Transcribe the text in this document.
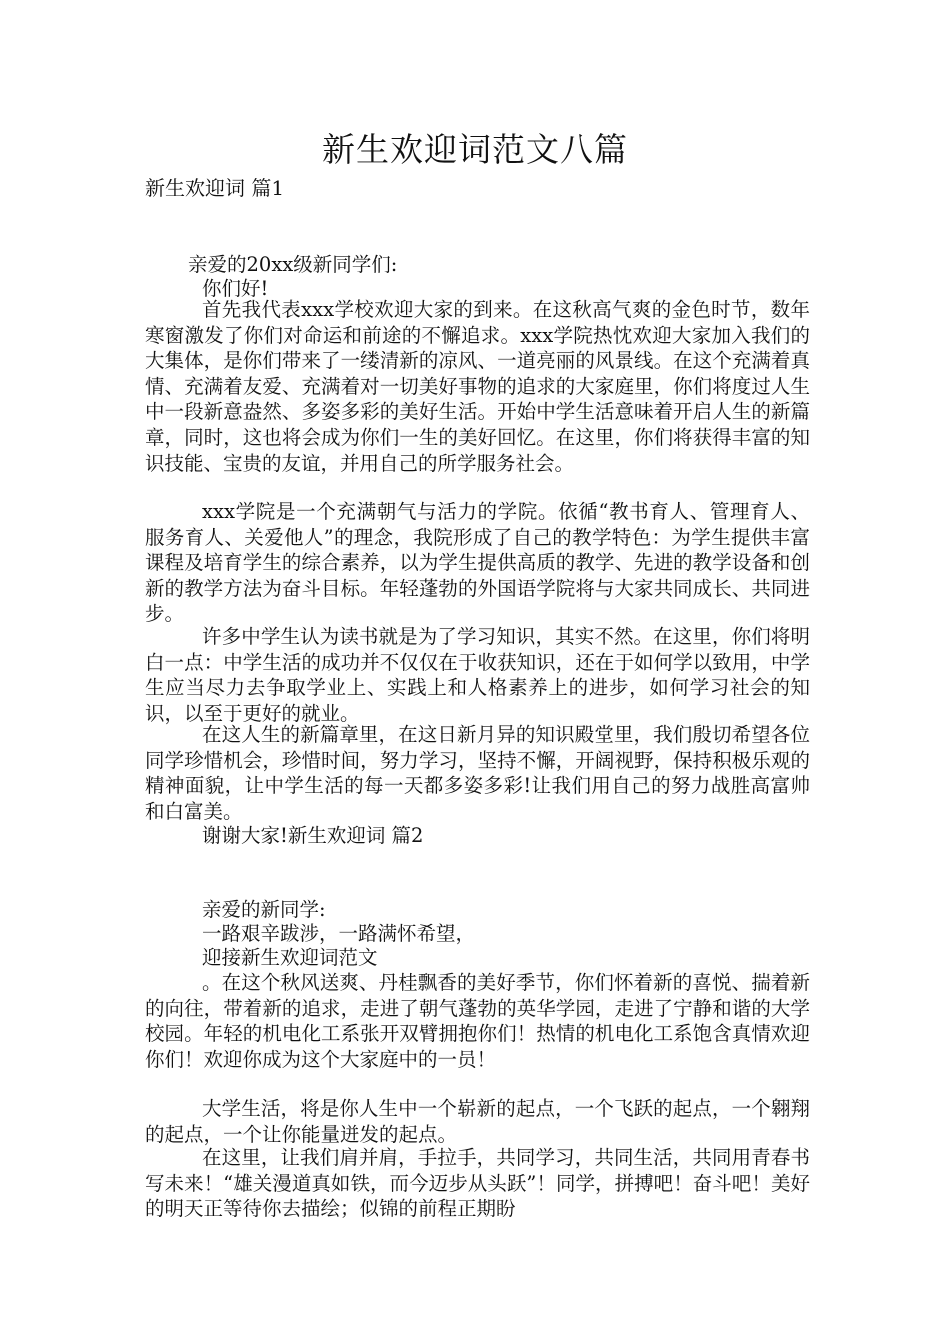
新生欢迎词范文八篇

新生欢迎词 篇1

亲爱的20xx级新同学们:

你们好!

首先我代表xxx学校欢迎大家的到来。在这秋高气爽的金色时节，数年寒窗激发了你们对命运和前途的不懈追求。xxx学院热忱欢迎大家加入我们的大集体，是你们带来了一缕清新的凉风、一道亮丽的风景线。在这个充满着真情、充满着友爱、充满着对一切美好事物的追求的大家庭里，你们将度过人生中一段新意盎然、多姿多彩的美好生活。开始中学生活意味着开启人生的新篇章，同时，这也将会成为你们一生的美好回忆。在这里，你们将获得丰富的知识技能、宝贵的友谊，并用自己的所学服务社会。

xxx学院是一个充满朝气与活力的学院。依循“教书育人、管理育人、服务育人、关爱他人”的理念，我院形成了自己的教学特色：为学生提供丰富课程及培育学生的综合素养，以为学生提供高质的教学、先进的教学设备和创新的教学方法为奋斗目标。年轻蓬勃的外国语学院将与大家共同成长、共同进步。

许多中学生认为读书就是为了学习知识，其实不然。在这里，你们将明白一点：中学生活的成功并不仅仅在于收获知识，还在于如何学以致用，中学生应当尽力去争取学业上、实践上和人格素养上的进步，如何学习社会的知识，以至于更好的就业。

在这人生的新篇章里，在这日新月异的知识殿堂里，我们殷切希望各位同学珍惜机会，珍惜时间，努力学习，坚持不懈，开阔视野，保持积极乐观的精神面貌，让中学生活的每一天都多姿多彩!让我们用自己的努力战胜高富帅和白富美。

谢谢大家!新生欢迎词 篇2

亲爱的新同学:

一路艰辛跋涉，一路满怀希望，

迎接新生欢迎词范文

。在这个秋风送爽、丹桂飘香的美好季节，你们怀着新的喜悦、揣着新的向往，带着新的追求，走进了朝气蓬勃的英华学园，走进了宁静和谐的大学校园。年轻的机电化工系张开双臂拥抱你们！热情的机电化工系饱含真情欢迎你们！欢迎你成为这个大家庭中的一员！

大学生活，将是你人生中一个崭新的起点，一个飞跃的起点，一个翱翔的起点，一个让你能量迸发的起点。

在这里，让我们肩并肩，手拉手，共同学习，共同生活，共同用青春书写未来！“雄关漫道真如铁，而今迈步从头跃”！同学，拼搏吧！奋斗吧！美好的明天正等待你去描绘；似锦的前程正期盼
